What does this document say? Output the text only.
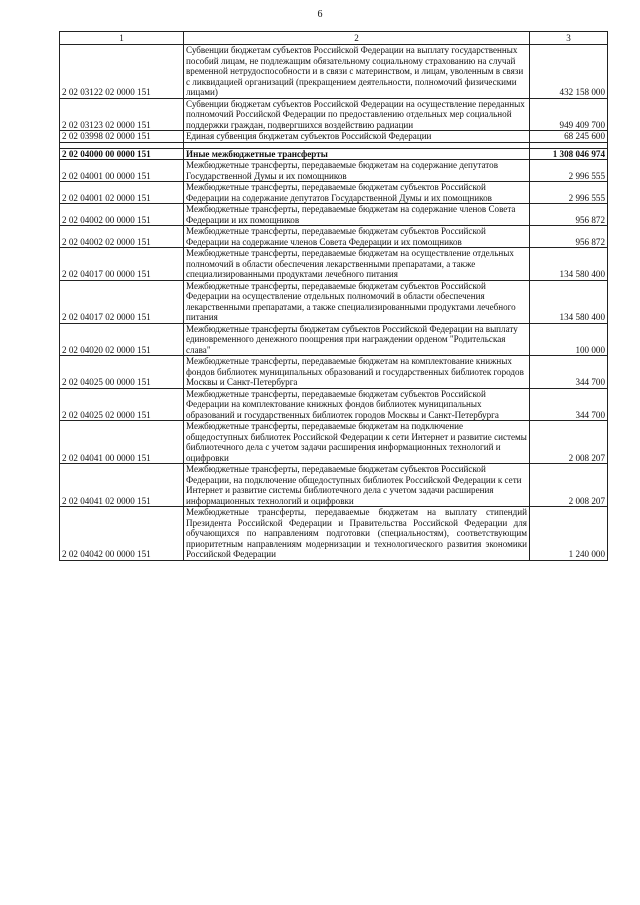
6
1	2	3
2 02 03122 02 0000 151	Субвенции бюджетам субъектов Российской Федерации на выплату государственных пособий лицам, не подлежащим обязательному социальному страхованию на случай временной нетрудоспособности и в связи с материнством, и лицам, уволенным в связи с ликвидацией организаций (прекращением деятельности, полномочий физическими лицами)	432 158 000
2 02 03123 02 0000 151	Субвенции бюджетам субъектов Российской Федерации на осуществление переданных полномочий Российской Федерации по предоставлению отдельных мер социальной поддержки граждан, подвергшихся воздействию радиации	949 409 700
2 02 03998 02 0000 151	Единая субвенция бюджетам субъектов Российской Федерации	68 245 600

2 02 04000 00 0000 151	Иные межбюджетные трансферты	1 308 046 974
2 02 04001 00 0000 151	Межбюджетные трансферты, передаваемые бюджетам на содержание депутатов Государственной Думы и их помощников	2 996 555
2 02 04001 02 0000 151	Межбюджетные трансферты, передаваемые бюджетам субъектов Российской Федерации на содержание депутатов Государственной Думы и их помощников	2 996 555
2 02 04002 00 0000 151	Межбюджетные трансферты, передаваемые бюджетам на содержание членов Совета Федерации и их помощников	956 872
2 02 04002 02 0000 151	Межбюджетные трансферты, передаваемые бюджетам субъектов Российской Федерации на содержание членов Совета Федерации и их помощников	956 872
2 02 04017 00 0000 151	Межбюджетные трансферты, передаваемые бюджетам на осуществление отдельных полномочий в области обеспечения лекарственными препаратами, а также специализированными продуктами лечебного питания	134 580 400
2 02 04017 02 0000 151	Межбюджетные трансферты, передаваемые бюджетам субъектов Российской Федерации на осуществление отдельных полномочий в области обеспечения лекарственными препаратами, а также специализированными продуктами лечебного питания	134 580 400
2 02 04020 02 0000 151	Межбюджетные трансферты бюджетам субъектов Российской Федерации на выплату единовременного денежного поощрения при награждении орденом "Родительская слава"	100 000
2 02 04025 00 0000 151	Межбюджетные трансферты, передаваемые бюджетам на комплектование книжных фондов библиотек муниципальных образований и государственных библиотек городов Москвы и Санкт-Петербурга	344 700
2 02 04025 02 0000 151	Межбюджетные трансферты, передаваемые бюджетам субъектов Российской Федерации на комплектование книжных фондов библиотек муниципальных образований и государственных библиотек городов Москвы и Санкт-Петербурга	344 700
2 02 04041 00 0000 151	Межбюджетные трансферты, передаваемые бюджетам на подключение общедоступных библиотек Российской Федерации к сети Интернет и развитие системы библиотечного дела с учетом задачи расширения информационных технологий и оцифровки	2 008 207
2 02 04041 02 0000 151	Межбюджетные трансферты, передаваемые бюджетам субъектов Российской Федерации, на подключение общедоступных библиотек Российской Федерации к сети Интернет и развитие системы библиотечного дела с учетом задачи расширения информационных технологий и оцифровки	2 008 207
2 02 04042 00 0000 151	Межбюджетные трансферты, передаваемые бюджетам на выплату стипендий Президента Российской Федерации и Правительства Российской Федерации для обучающихся по направлениям подготовки (специальностям), соответствующим приоритетным направлениям модернизации и технологического развития экономики Российской Федерации	1 240 000
